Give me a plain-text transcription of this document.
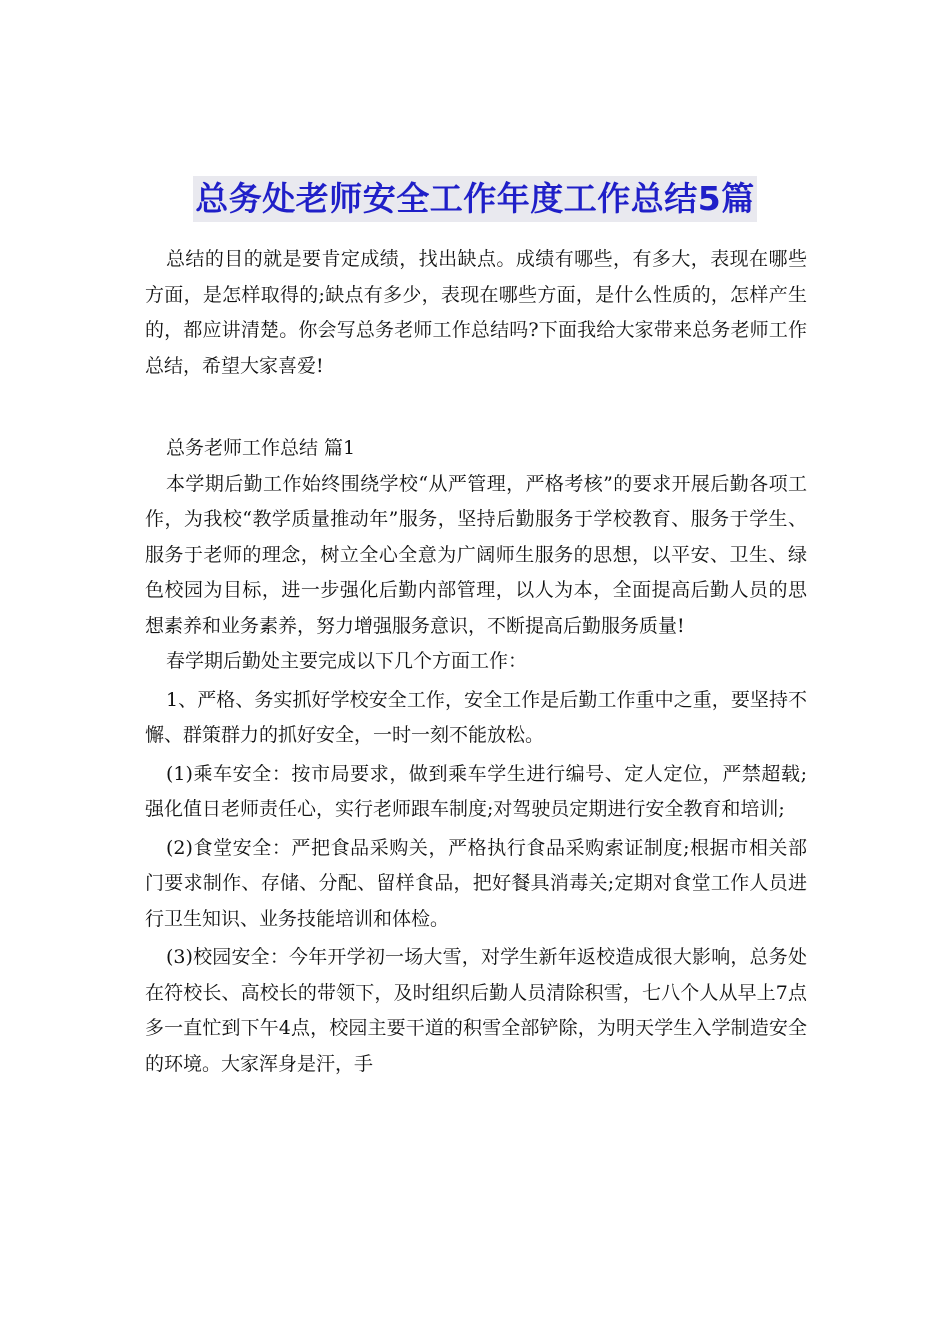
总务处老师安全工作年度工作总结5篇

总结的目的就是要肯定成绩，找出缺点。成绩有哪些，有多大，表现在哪些方面，是怎样取得的;缺点有多少，表现在哪些方面，是什么性质的，怎样产生的，都应讲清楚。你会写总务老师工作总结吗?下面我给大家带来总务老师工作总结，希望大家喜爱!

总务老师工作总结 篇1

本学期后勤工作始终围绕学校“从严管理，严格考核”的要求开展后勤各项工作，为我校“教学质量推动年”服务，坚持后勤服务于学校教育、服务于学生、服务于老师的理念，树立全心全意为广阔师生服务的思想，以平安、卫生、绿色校园为目标，进一步强化后勤内部管理，以人为本，全面提高后勤人员的思想素养和业务素养，努力增强服务意识，不断提高后勤服务质量!

春学期后勤处主要完成以下几个方面工作：

1、严格、务实抓好学校安全工作，安全工作是后勤工作重中之重，要坚持不懈、群策群力的抓好安全，一时一刻不能放松。

(1)乘车安全：按市局要求，做到乘车学生进行编号、定人定位，严禁超载;强化值日老师责任心，实行老师跟车制度;对驾驶员定期进行安全教育和培训;

(2)食堂安全：严把食品采购关，严格执行食品采购索证制度;根据市相关部门要求制作、存储、分配、留样食品，把好餐具消毒关;定期对食堂工作人员进行卫生知识、业务技能培训和体检。

(3)校园安全：今年开学初一场大雪，对学生新年返校造成很大影响，总务处在符校长、高校长的带领下，及时组织后勤人员清除积雪，七八个人从早上7点多一直忙到下午4点，校园主要干道的积雪全部铲除，为明天学生入学制造安全的环境。大家浑身是汗，手
